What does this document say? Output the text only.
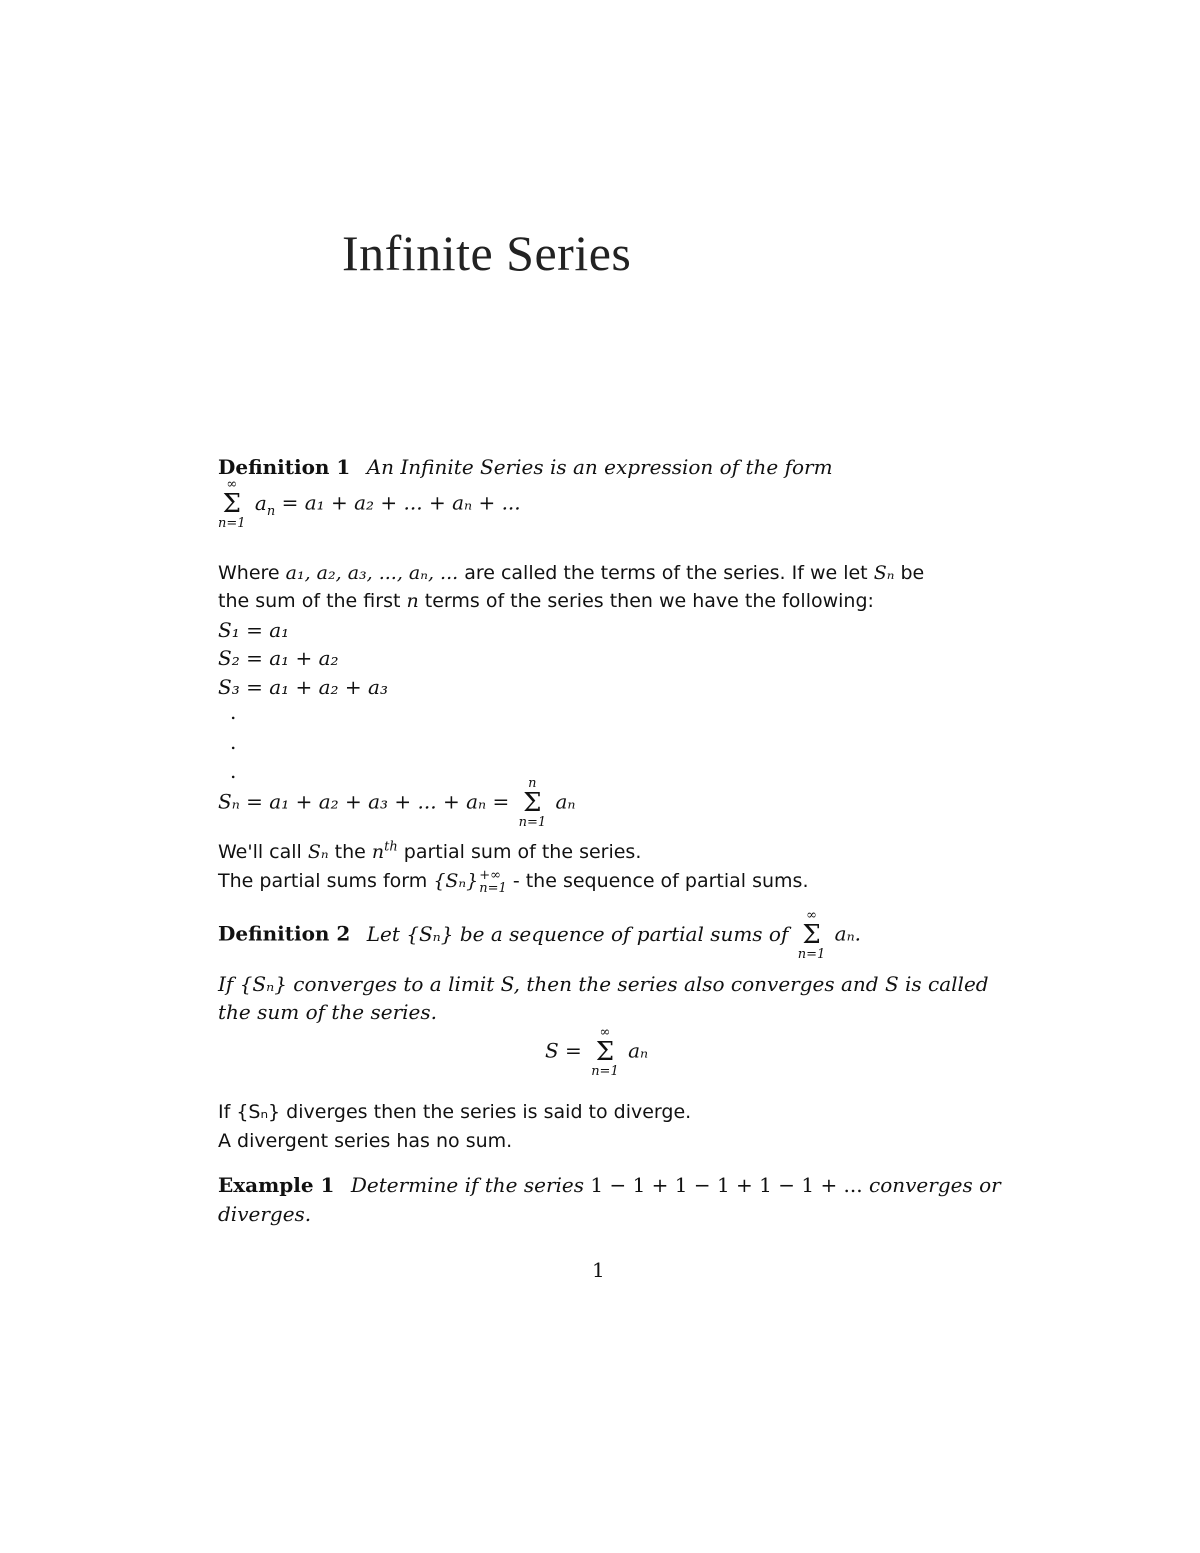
Infinite Series
Definition 1 An Infinite Series is an expression of the form
∞
Σ
n=1
$a_n = a_1 + a_2$ + ... + aₙ + ...
Where a₁, a₂, a₃, ..., aₙ, ... are called the terms of the series. If we let Sₙ be
the sum of the first n terms of the series then we have the following:
S₁ = a₁
S₂ = a₁ + a₂
S₃ = a₁ + a₂ + a₃
.
.
.
Sₙ = a₁ + a₂ + a₃ + ... + aₙ =
n
Σ
n=1
aₙ
We'll call Sₙ the $n^{th}$ partial sum of the series.
The partial sums form {Sₙ} +∞
n=1 - the sequence of partial sums.
Definition 2 Let {Sₙ} be a sequence of partial sums of
∞
Σ
n=1
aₙ.
If {Sₙ} converges to a limit S, then the series also converges and S is called
the sum of the series.
S =
∞
Σ
n=1
aₙ
If {Sₙ} diverges then the series is said to diverge.
A divergent series has no sum.
Example 1 Determine if the series 1 − 1 + 1 − 1 + 1 − 1 + ... converges or
diverges.
1
